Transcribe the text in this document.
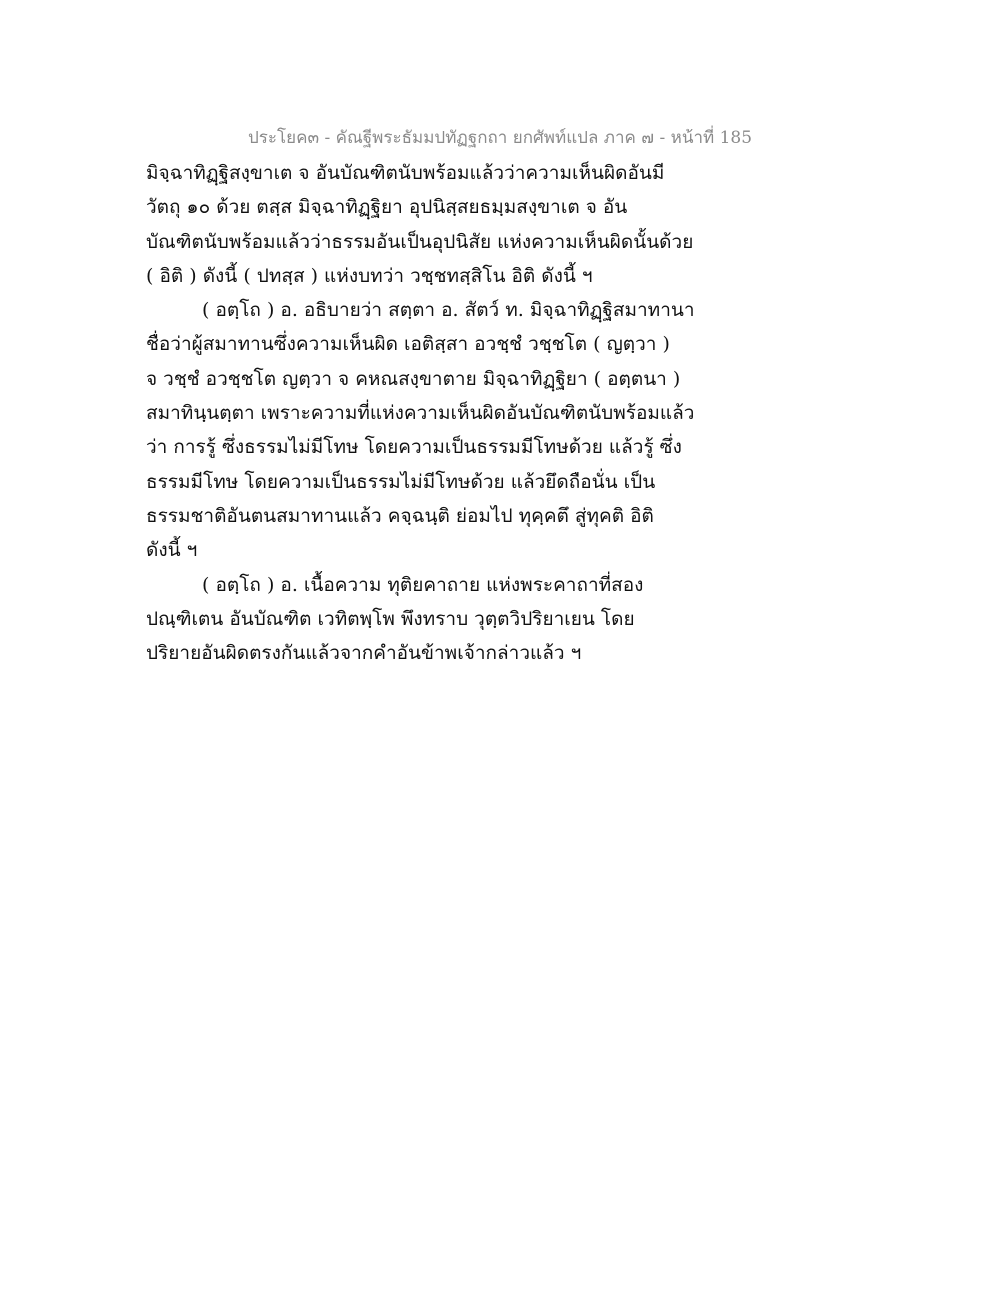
ประโยค๓ - คัณฐีพระธัมมปทัฏฐกถา ยกศัพท์แปล ภาค ๗ - หน้าที่ 185
มิจฺฉาทิฏฺฐิสงฺขาเต จ อันบัณฑิตนับพร้อมแล้วว่าความเห็นผิดอันมี
วัตถุ ๑๐ ด้วย ตสฺส มิจฺฉาทิฏฺฐิยา อุปนิสฺสยธมฺมสงฺขาเต จ อัน
บัณฑิตนับพร้อมแล้วว่าธรรมอันเป็นอุปนิสัย แห่งความเห็นผิดนั้นด้วย
( อิติ ) ดังนี้ ( ปทสฺส ) แห่งบทว่า วชฺชทสฺสิโน อิติ ดังนี้ ฯ
( อตฺโถ ) อ. อธิบายว่า สตฺตา อ. สัตว์ ท. มิจฺฉาทิฏฺฐิสมาทานา
ชื่อว่าผู้สมาทานซึ่งความเห็นผิด เอติสฺสา อวชฺชํ วชฺชโต ( ญตฺวา )
จ วชฺชํ อวชฺชโต ญตฺวา จ คหณสงฺขาตาย มิจฺฉาทิฏฺฐิยา ( อตฺตนา )
สมาทินฺนตฺตา เพราะความที่แห่งความเห็นผิดอันบัณฑิตนับพร้อมแล้ว
ว่า การรู้ ซึ่งธรรมไม่มีโทษ โดยความเป็นธรรมมีโทษด้วย แล้วรู้ ซึ่ง
ธรรมมีโทษ โดยความเป็นธรรมไม่มีโทษด้วย แล้วยึดถือนั่น เป็น
ธรรมชาติอันตนสมาทานแล้ว คจฺฉนฺติ ย่อมไป ทุคฺคตึ สู่ทุคติ อิติ
ดังนี้ ฯ
( อตฺโถ ) อ. เนื้อความ ทุติยคาถาย แห่งพระคาถาที่สอง
ปณฺฑิเตน อันบัณฑิต เวทิตพฺโพ พึงทราบ วุตฺตวิปริยาเยน โดย
ปริยายอันผิดตรงกันแล้วจากคำอันข้าพเจ้ากล่าวแล้ว ฯ
